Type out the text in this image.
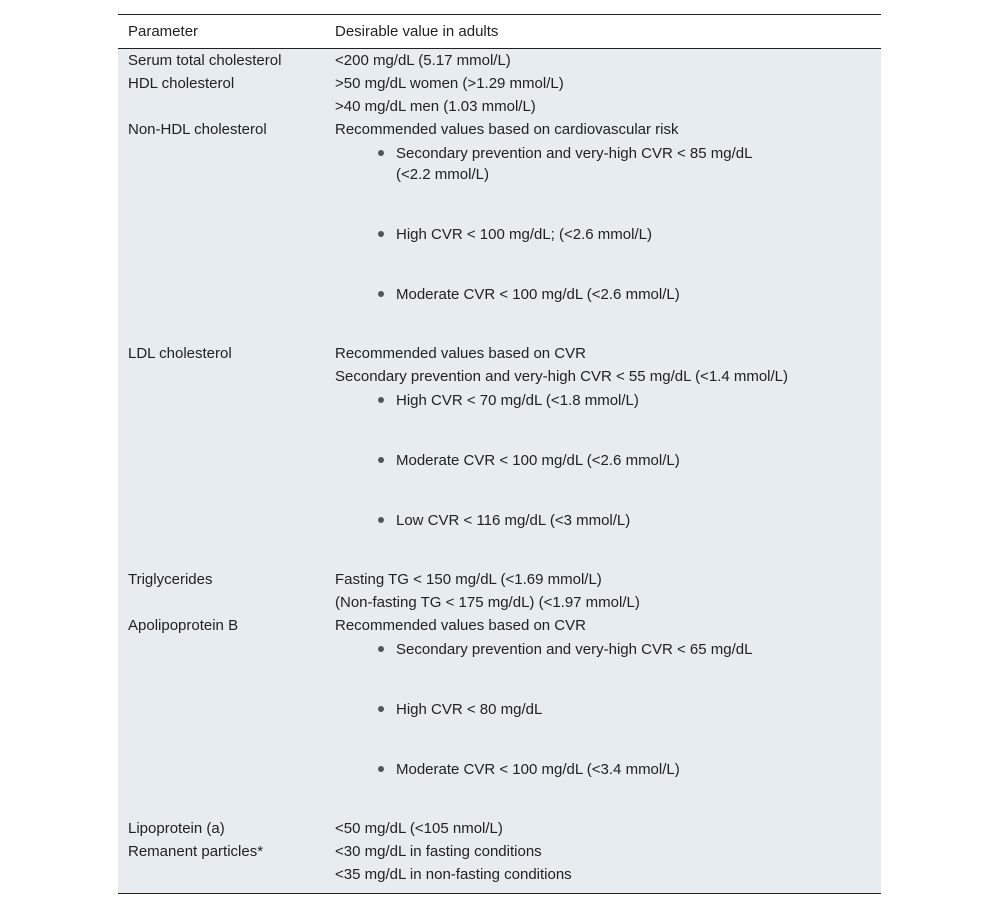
Parameter	Desirable value in adults
Serum total cholesterol	<200 mg/dL (5.17 mmol/L)
HDL cholesterol	>50 mg/dL women (>1.29 mmol/L)
>40 mg/dL men (1.03 mmol/L)
Non-HDL cholesterol	Recommended values based on cardiovascular risk
Secondary prevention and very-high CVR < 85 mg/dL
(<2.2 mmol/L)
High CVR < 100 mg/dL; (<2.6 mmol/L)
Moderate CVR < 100 mg/dL (<2.6 mmol/L)
LDL cholesterol	Recommended values based on CVR
Secondary prevention and very-high CVR < 55 mg/dL (<1.4 mmol/L)
High CVR < 70 mg/dL (<1.8 mmol/L)
Moderate CVR < 100 mg/dL (<2.6 mmol/L)
Low CVR < 116 mg/dL (<3 mmol/L)
Triglycerides	Fasting TG < 150 mg/dL (<1.69 mmol/L)
(Non-fasting TG < 175 mg/dL) (<1.97 mmol/L)
Apolipoprotein B	Recommended values based on CVR
Secondary prevention and very-high CVR < 65 mg/dL
High CVR < 80 mg/dL
Moderate CVR < 100 mg/dL (<3.4 mmol/L)
Lipoprotein (a)	<50 mg/dL (<105 nmol/L)
Remanent particles*	<30 mg/dL in fasting conditions
<35 mg/dL in non-fasting conditions
